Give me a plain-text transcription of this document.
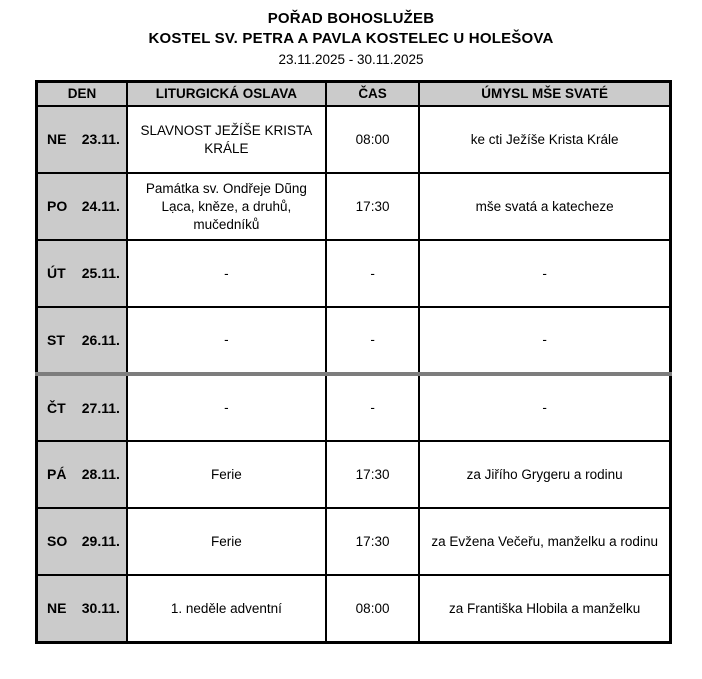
POŘAD BOHOSLUŽEB
KOSTEL SV. PETRA A PAVLA KOSTELEC U HOLEŠOVA
23.11.2025 - 30.11.2025
DEN	LITURGICKÁ OSLAVA	ČAS	ÚMYSL MŠE SVATÉ

NE 23.11.	SLAVNOST JEŽÍŠE KRISTA KRÁLE	08:00	ke cti Ježíše Krista Krále

PO 24.11.	Památka sv. Ondřeje Dũng Lạca, kněze, a druhů, mučedníků	17:30	mše svatá a katecheze

ÚT 25.11.	-	-	-

ST 26.11.	-	-	-

ČT 27.11.	-	-	-

PÁ 28.11.	Ferie	17:30	za Jiřího Grygeru a rodinu

SO 29.11.	Ferie	17:30	za Evžena Večeřu, manželku a rodinu

NE 30.11.	1. neděle adventní	08:00	za Františka Hlobila a manželku
